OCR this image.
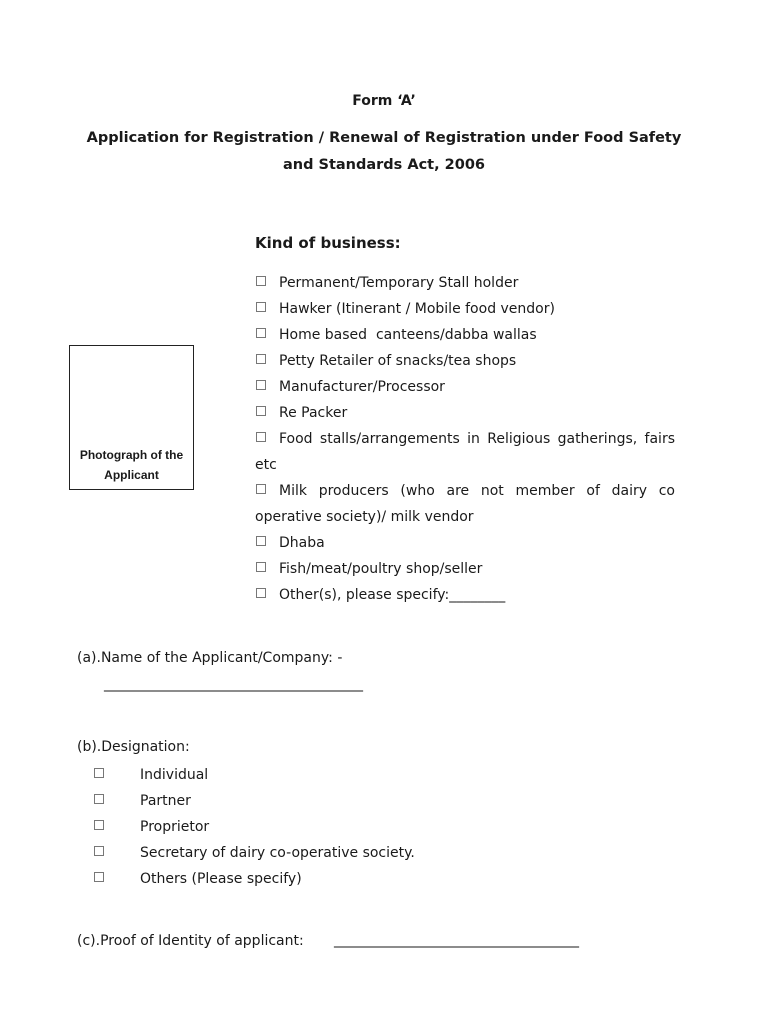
Form ‘A’
Application for Registration / Renewal of Registration under Food Safety
and Standards Act, 2006
Kind of business:
Photograph of the
Applicant
Permanent/Temporary Stall holder
Hawker (Itinerant / Mobile food vendor)
Home based  canteens/dabba wallas
Petty Retailer of snacks/tea shops
Manufacturer/Processor
Re Packer
Food stalls/arrangements in Religious gatherings, fairs etc
Milk producers (who are not member of dairy co operative society)/ milk vendor
Dhaba
Fish/meat/poultry shop/seller
Other(s), please specify:________
(a).Name of the Applicant/Company: -
_____________________________________
(b).Designation:
Individual
Partner
Proprietor
Secretary of dairy co-operative society.
Others (Please specify)
(c).Proof of Identity of applicant: ___________________________________
